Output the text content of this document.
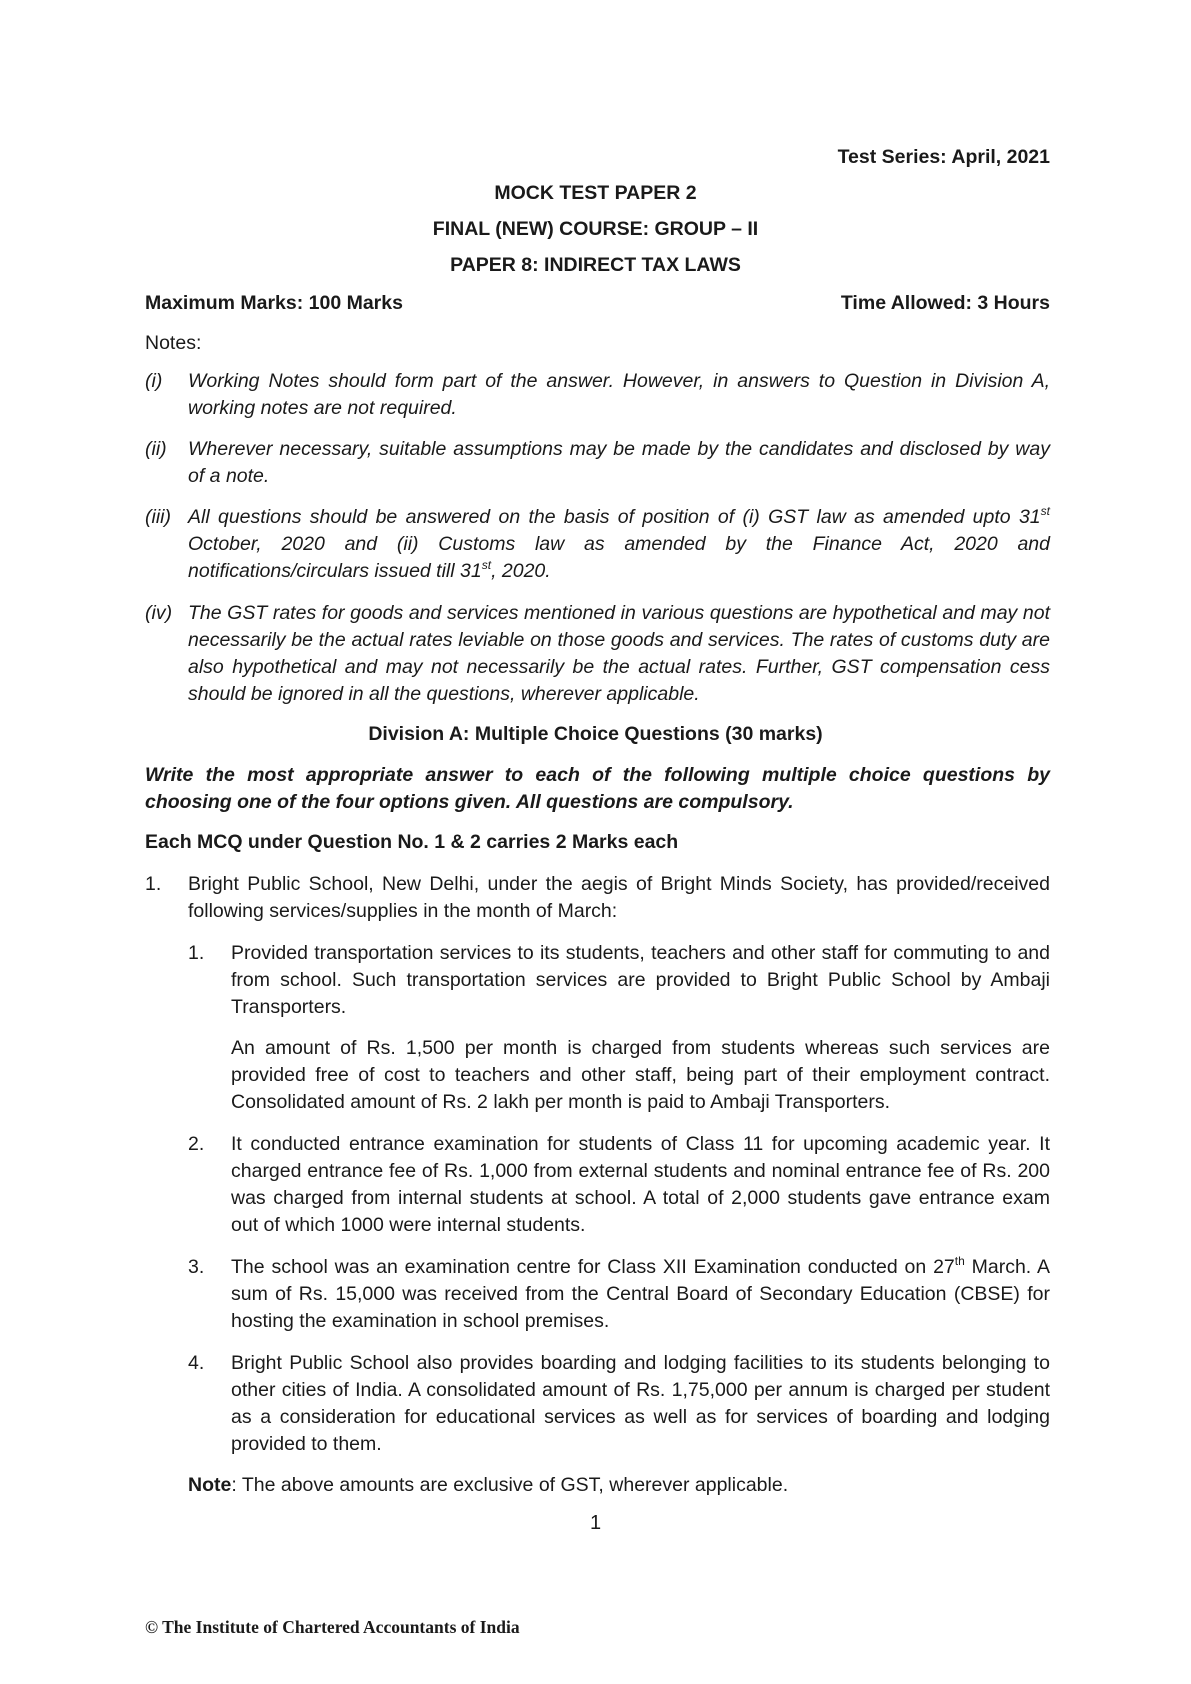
Test Series: April, 2021
MOCK TEST PAPER 2
FINAL (NEW) COURSE: GROUP – II
PAPER 8: INDIRECT TAX LAWS
Maximum Marks: 100 Marks	Time Allowed: 3 Hours
Notes:
(i)	Working Notes should form part of the answer. However, in answers to Question in Division A, working notes are not required.
(ii)	Wherever necessary, suitable assumptions may be made by the candidates and disclosed by way of a note.
(iii) All questions should be answered on the basis of position of (i) GST law as amended upto 31st October, 2020 and (ii) Customs law as amended by the Finance Act, 2020 and notifications/circulars issued till 31st, 2020.
(iv) The GST rates for goods and services mentioned in various questions are hypothetical and may not necessarily be the actual rates leviable on those goods and services. The rates of customs duty are also hypothetical and may not necessarily be the actual rates. Further, GST compensation cess should be ignored in all the questions, wherever applicable.
Division A: Multiple Choice Questions (30 marks)
Write the most appropriate answer to each of the following multiple choice questions by choosing one of the four options given. All questions are compulsory.
Each MCQ under Question No. 1 & 2 carries 2 Marks each
1. Bright Public School, New Delhi, under the aegis of Bright Minds Society, has provided/received following services/supplies in the month of March:
1.	Provided transportation services to its students, teachers and other staff for commuting to and from school. Such transportation services are provided to Bright Public School by Ambaji Transporters.
An amount of Rs. 1,500 per month is charged from students whereas such services are provided free of cost to teachers and other staff, being part of their employment contract. Consolidated amount of Rs. 2 lakh per month is paid to Ambaji Transporters.
2.	It conducted entrance examination for students of Class 11 for upcoming academic year. It charged entrance fee of Rs. 1,000 from external students and nominal entrance fee of Rs. 200 was charged from internal students at school. A total of 2,000 students gave entrance exam out of which 1000 were internal students.
3.	The school was an examination centre for Class XII Examination conducted on 27th March. A sum of Rs. 15,000 was received from the Central Board of Secondary Education (CBSE) for hosting the examination in school premises.
4.	Bright Public School also provides boarding and lodging facilities to its students belonging to other cities of India. A consolidated amount of Rs. 1,75,000 per annum is charged per student as a consideration for educational services as well as for services of boarding and lodging provided to them.
Note: The above amounts are exclusive of GST, wherever applicable.
1
© The Institute of Chartered Accountants of India
